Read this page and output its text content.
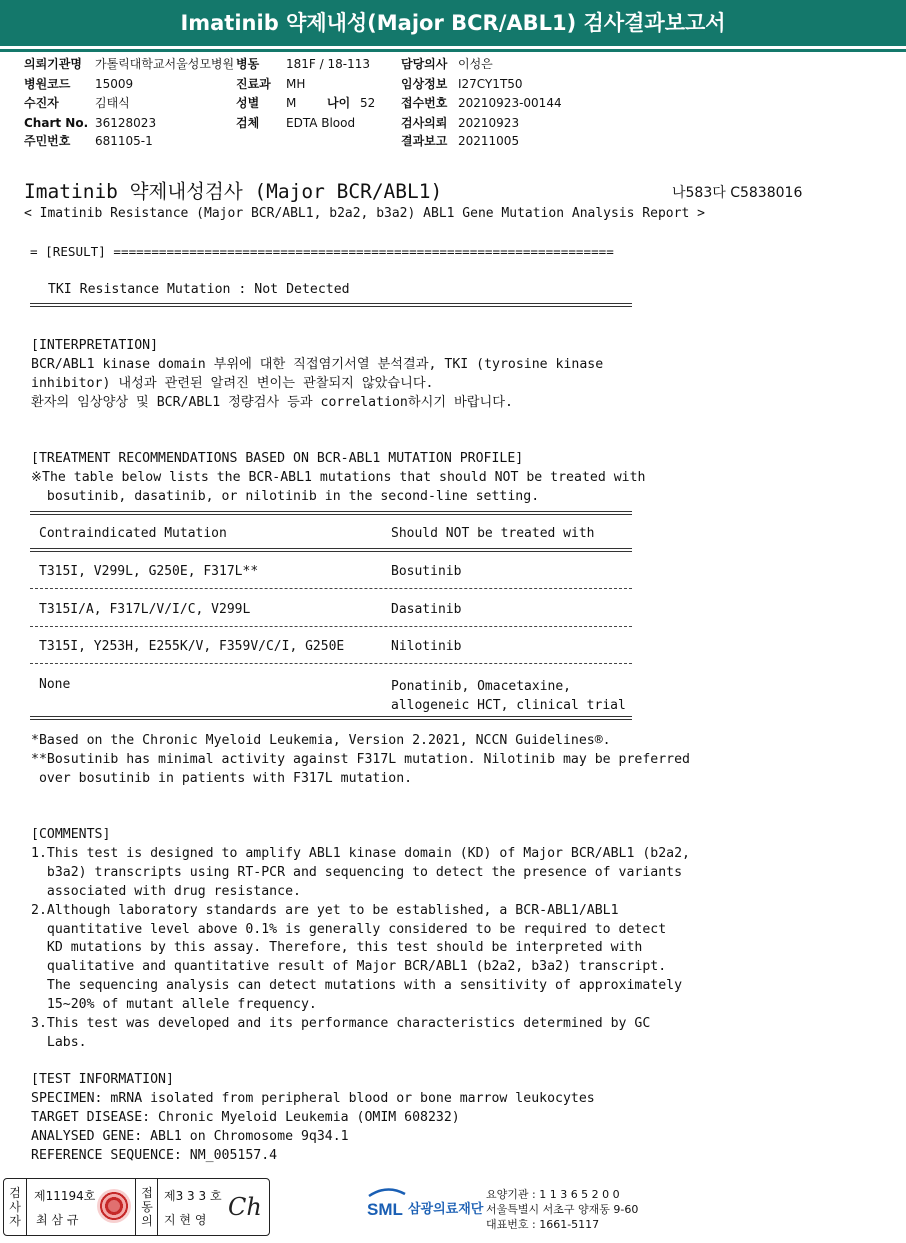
Imatinib 약제내성(Major BCR/ABL1) 검사결과보고서
의뢰기관명 가톨릭대학교서울성모병원 병동 181F / 18-113	담당의사 이성은
병원코드 15009	진료과 MH	임상정보 I27CY1T50
수진자	김태식	성별 M	나이 52 접수번호 20210923-00144
Chart No. 36128023	검체 EDTA Blood	검사의뢰 20210923
주민번호 681105-1	결과보고 20211005
Imatinib 약제내성검사 (Major BCR/ABL1)	나583다 C5838016
< Imatinib Resistance (Major BCR/ABL1, b2a2, b3a2) ABL1 Gene Mutation Analysis Report >
= [RESULT] ==================================================================
TKI Resistance Mutation : Not Detected
[INTERPRETATION]
BCR/ABL1 kinase domain 부위에 대한 직접염기서열 분석결과, TKI (tyrosine kinase
inhibitor) 내성과 관련된 알려진 변이는 관찰되지 않았습니다.
환자의 임상양상 및 BCR/ABL1 정량검사 등과 correlation하시기 바랍니다.
[TREATMENT RECOMMENDATIONS BASED ON BCR-ABL1 MUTATION PROFILE]
※The table below lists the BCR-ABL1 mutations that should NOT be treated with
bosutinib, dasatinib, or nilotinib in the second-line setting.
Contraindicated Mutation	Should NOT be treated with
T315I, V299L, G250E, F317L**	Bosutinib
T315I/A, F317L/V/I/C, V299L	Dasatinib
T315I, Y253H, E255K/V, F359V/C/I, G250E	Nilotinib
None	Ponatinib, Omacetaxine,
allogeneic HCT, clinical trial
*Based on the Chronic Myeloid Leukemia, Version 2.2021, NCCN Guidelines®.
**Bosutinib has minimal activity against F317L mutation. Nilotinib may be preferred
over bosutinib in patients with F317L mutation.
[COMMENTS]
1.This test is designed to amplify ABL1 kinase domain (KD) of Major BCR/ABL1 (b2a2,
b3a2) transcripts using RT-PCR and sequencing to detect the presence of variants
associated with drug resistance.
2.Although laboratory standards are yet to be established, a BCR-ABL1/ABL1
quantitative level above 0.1% is generally considered to be required to detect
KD mutations by this assay. Therefore, this test should be interpreted with
qualitative and quantitative result of Major BCR/ABL1 (b2a2, b3a2) transcript.
The sequencing analysis can detect mutations with a sensitivity of approximately
15~20% of mutant allele frequency.
3.This test was developed and its performance characteristics determined by GC
Labs.
[TEST INFORMATION]
SPECIMEN: mRNA isolated from peripheral blood or bone marrow leukocytes
TARGET DISEASE: Chronic Myeloid Leukemia (OMIM 608232)
ANALYSED GENE: ABL1 on Chromosome 9q34.1
REFERENCE SEQUENCE: NM_005157.4
검사자
제11194호
최 삼 규
접동의
제3 3 3 호
지 현 영 Ch	SML 삼광의료재단
요양기관 : 1 1 3 6 5 2 0 0
서울특별시 서초구 양재동 9-60
대표번호 : 1661-5117
